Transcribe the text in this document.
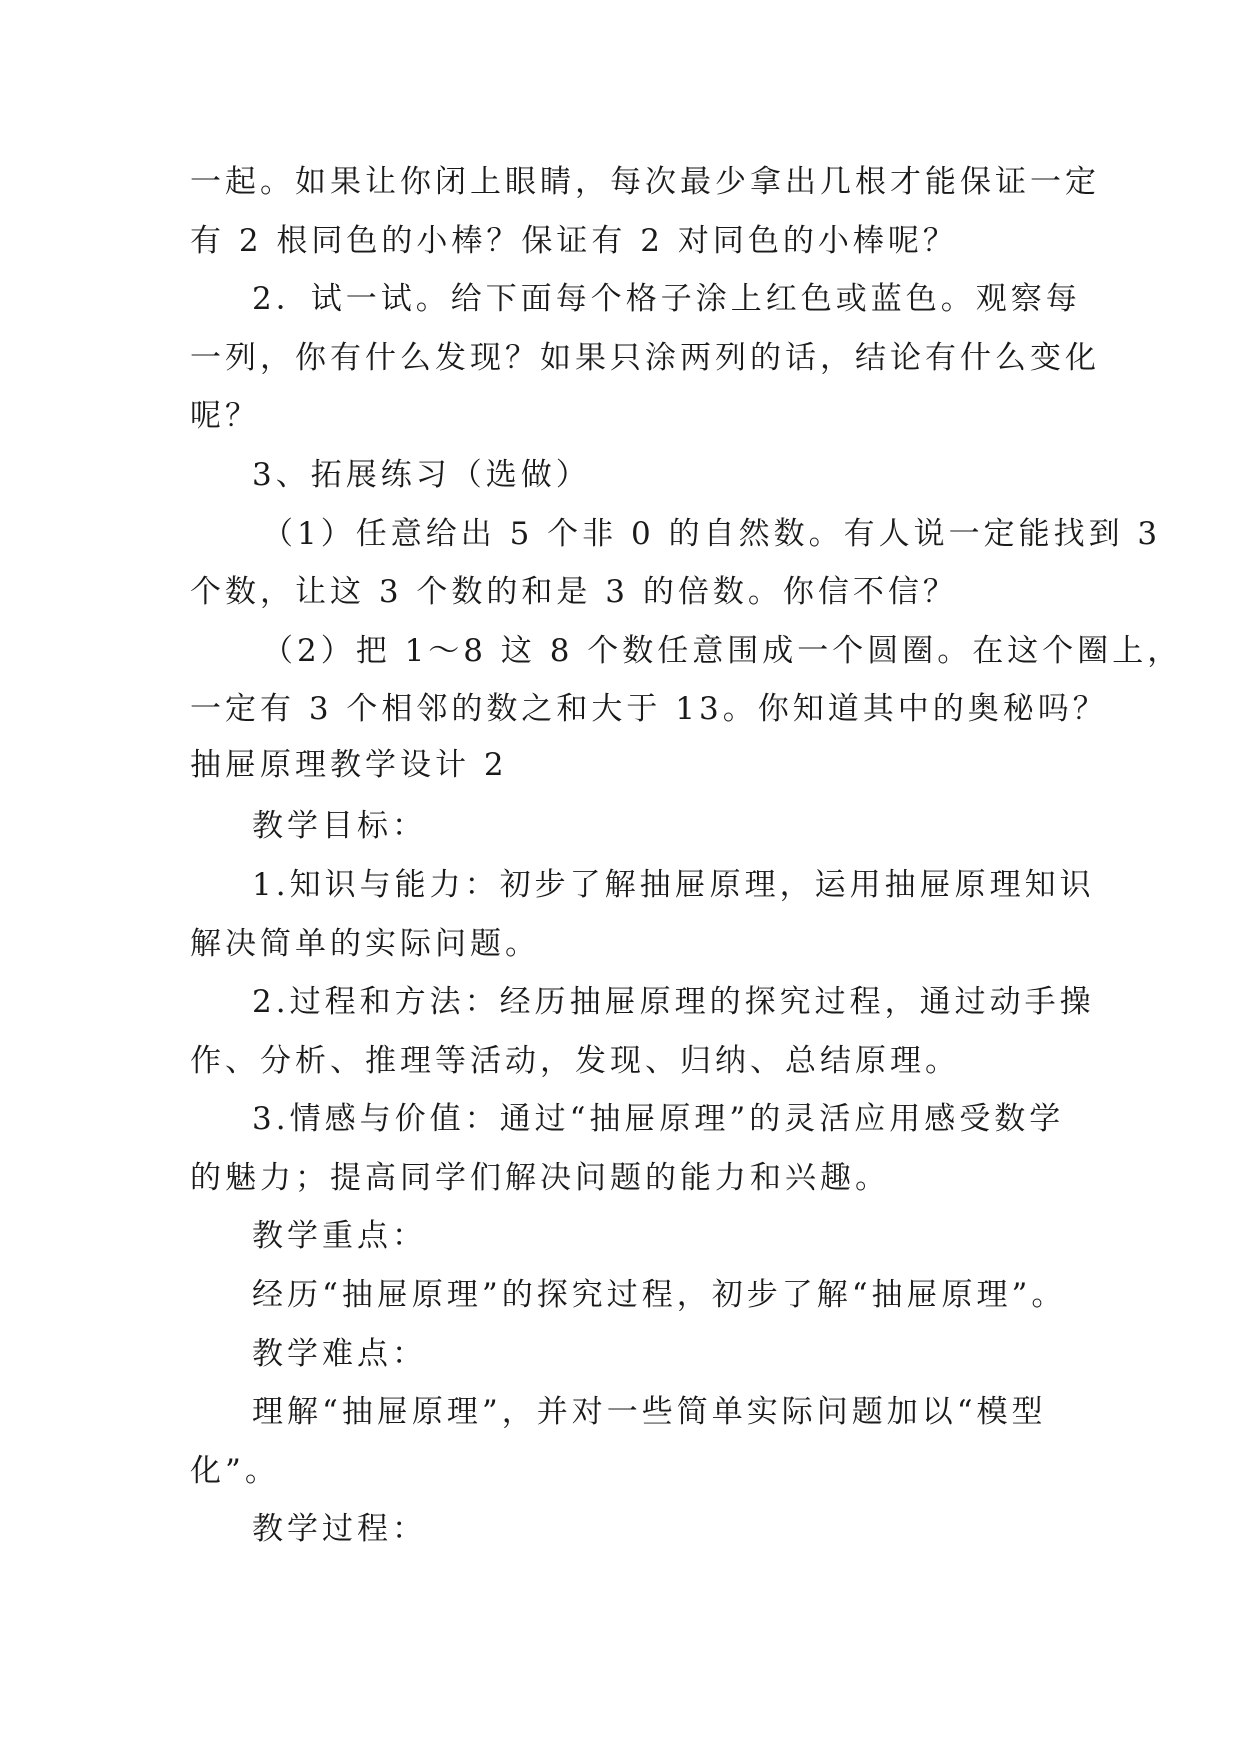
一起。如果让你闭上眼睛，每次最少拿出几根才能保证一定
有 2 根同色的小棒？保证有 2 对同色的小棒呢？
2．试一试。给下面每个格子涂上红色或蓝色。观察每
一列，你有什么发现？如果只涂两列的话，结论有什么变化
呢？
3、拓展练习（选做）
（1）任意给出 5 个非 0 的自然数。有人说一定能找到 3
个数，让这 3 个数的和是 3 的倍数。你信不信？
（2）把 1～8 这 8 个数任意围成一个圆圈。在这个圈上，
一定有 3 个相邻的数之和大于 13。你知道其中的奥秘吗？
抽屉原理教学设计 2
教学目标：
1.知识与能力：初步了解抽屉原理，运用抽屉原理知识
解决简单的实际问题。
2.过程和方法：经历抽屉原理的探究过程，通过动手操
作、分析、推理等活动，发现、归纳、总结原理。
3.情感与价值：通过“抽屉原理”的灵活应用感受数学
的魅力；提高同学们解决问题的能力和兴趣。
教学重点：
经历“抽屉原理”的探究过程，初步了解“抽屉原理”。
教学难点：
理解“抽屉原理”，并对一些简单实际问题加以“模型
化”。
教学过程：
